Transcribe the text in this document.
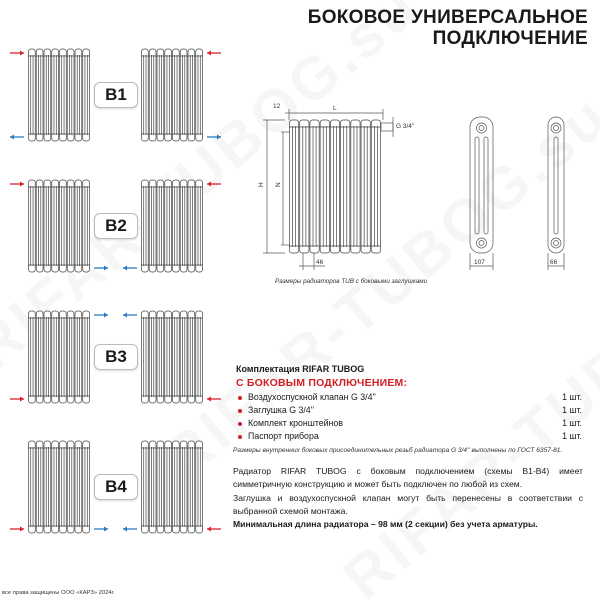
БОКОВОЕ УНИВЕРСАЛЬНОЕ
ПОДКЛЮЧЕНИЕ
B1
B2
B3
B4
12	L
G 3/4''
H N
46	107	66
Размеры радиаторов TUB с боковыми заглушками
Комплектация RIFAR TUBOG
С БОКОВЫМ ПОДКЛЮЧЕНИЕМ:
Воздухоспускной клапан G 3/4''	1 шт.
Заглушка G 3/4''	1 шт.
Комплект кронштейнов	1 шт.
Паспорт прибора	1 шт.
Размеры внутренних боковых присоединительных резьб радиатора G 3/4'' выполнены по ГОСТ 6357-81.

Радиатор RIFAR TUBOG с боковым подключением (схемы B1-B4) имеет симметричную конструкцию и может быть подключен по любой из схем.

Заглушка и воздухоспускной клапан могут быть перенесены в соответствии с выбранной схемой монтажа.

Минимальная длина радиатора – 98 мм (2 секции) без учета арматуры.

все права защищены ООО «КАРЗ» 2024г.
